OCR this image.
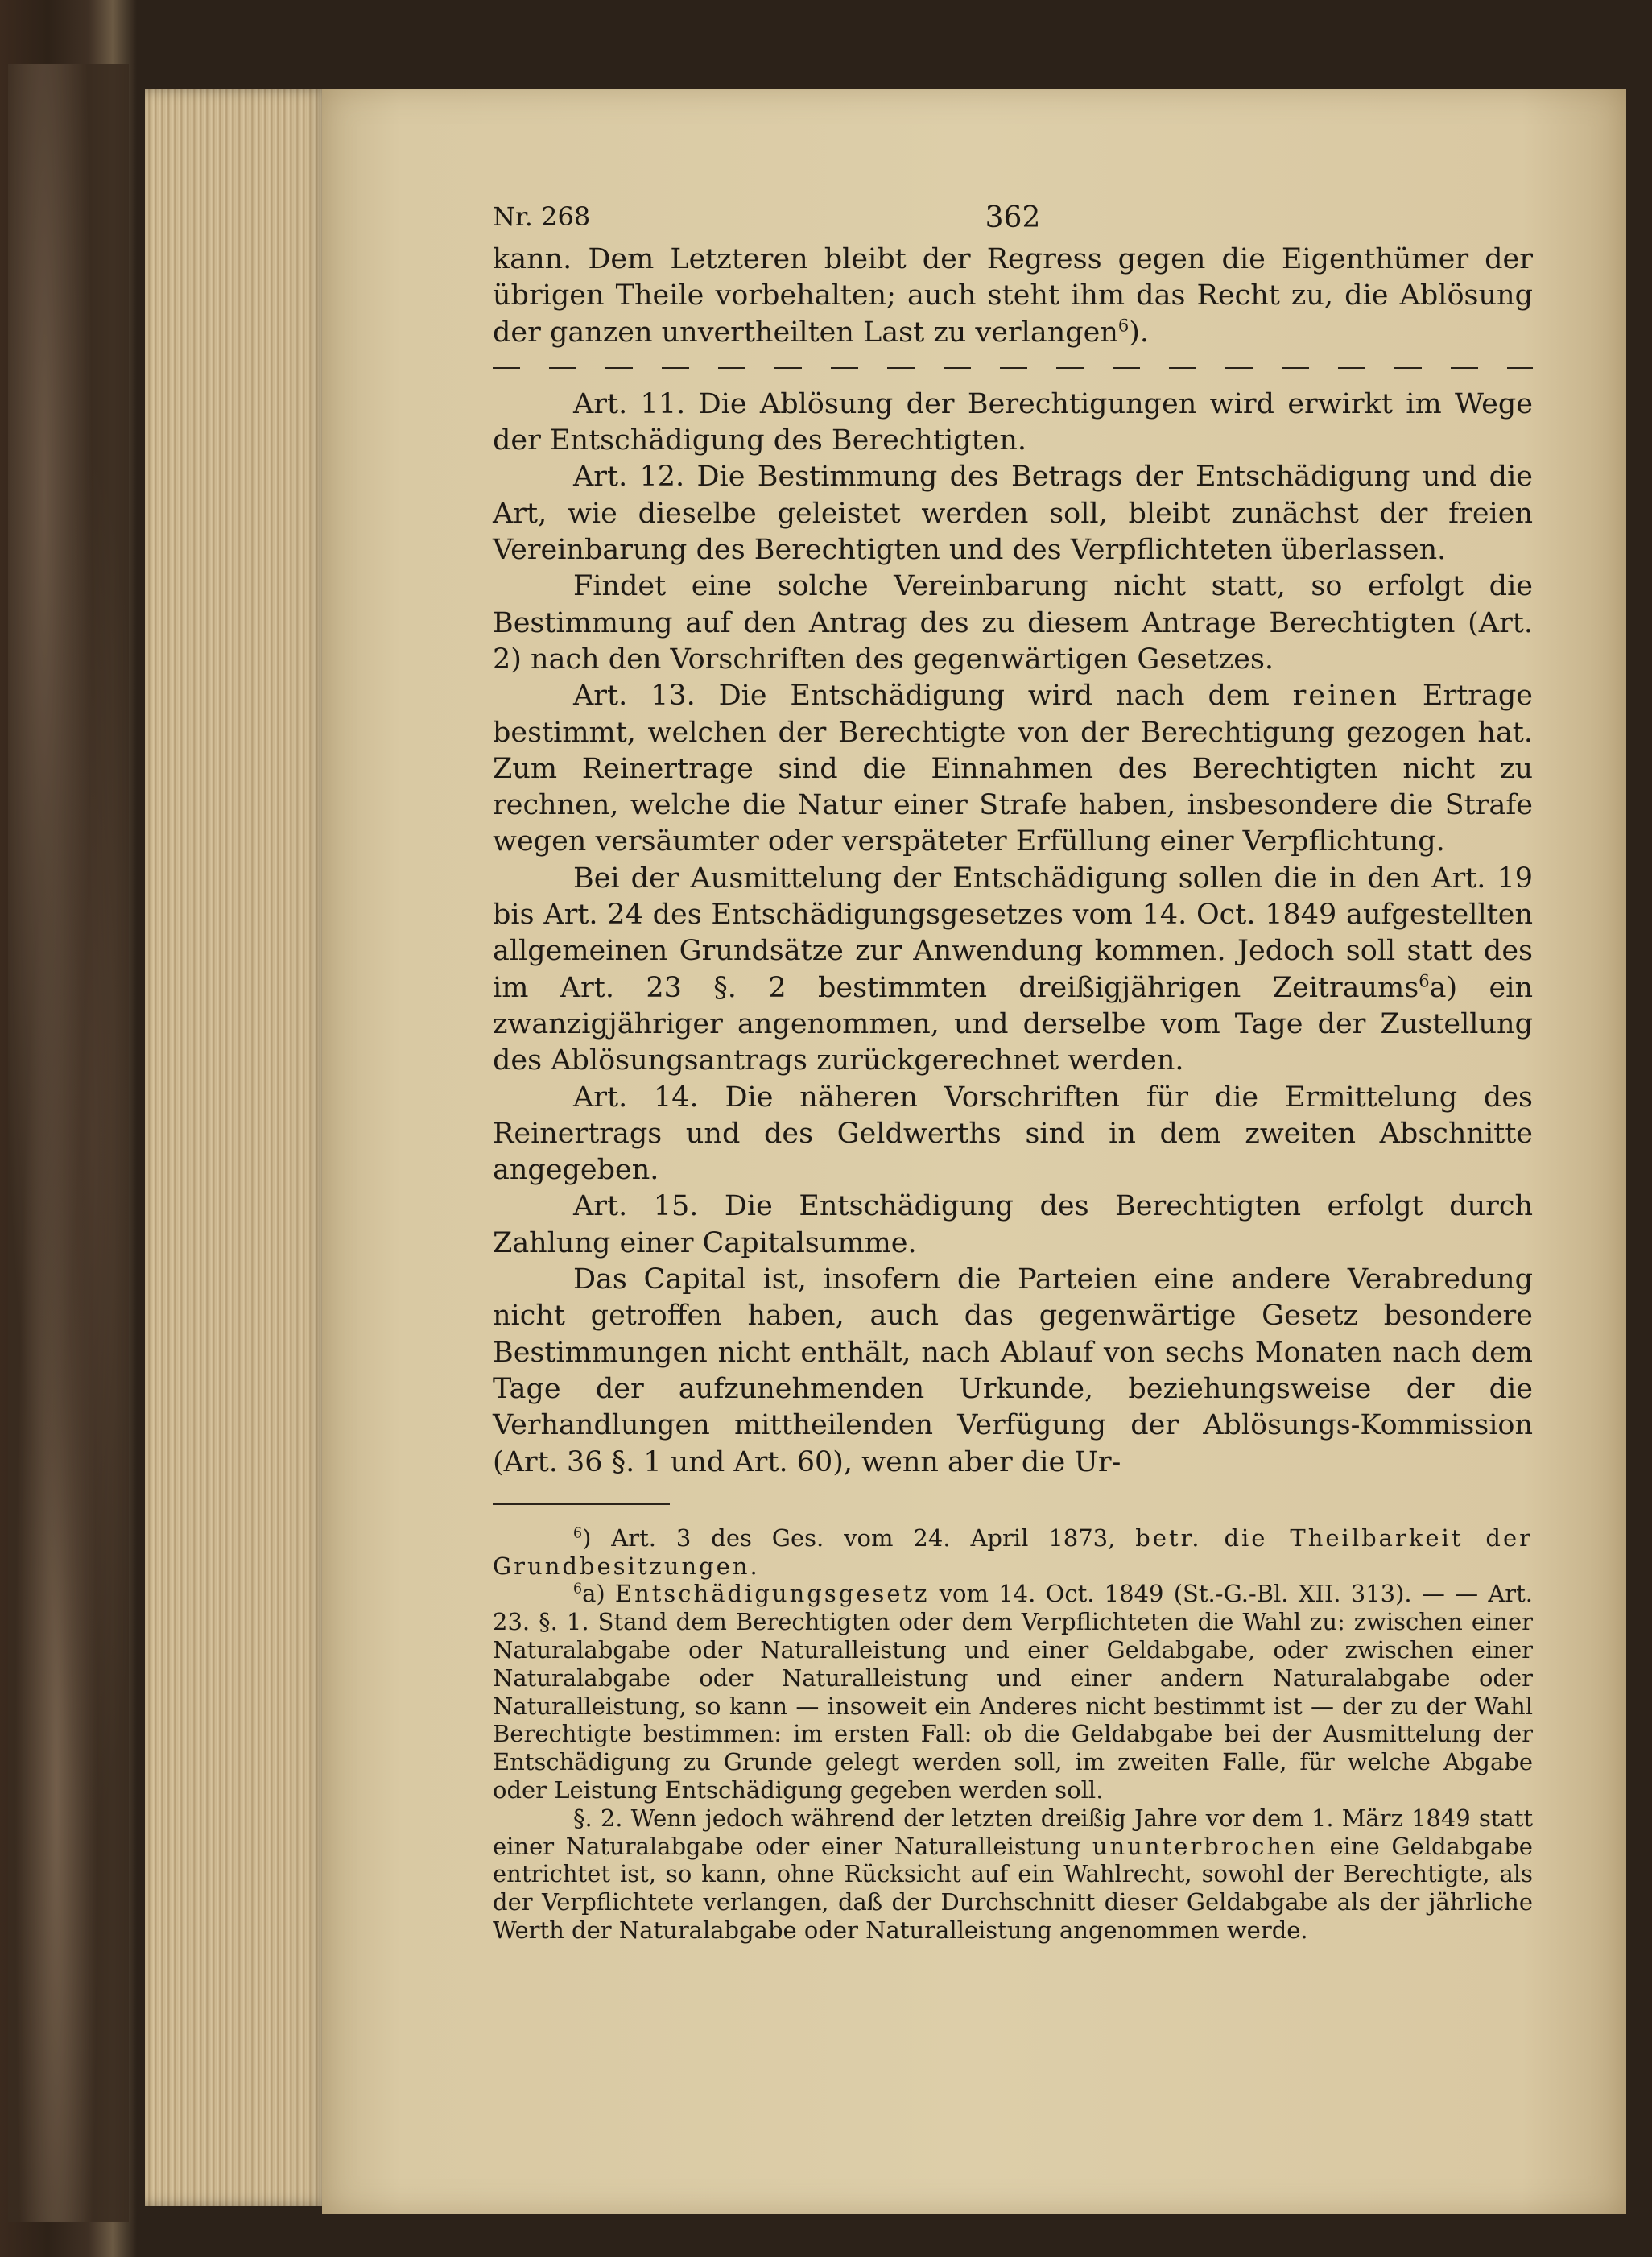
Nr. 268	362

kann. Dem Letzteren bleibt der Regress gegen die Eigenthümer der übrigen Theile vorbehalten; auch steht ihm das Recht zu, die Ablösung der ganzen unvertheilten Last zu verlangen$^6$).

Art. 11. Die Ablösung der Berechtigungen wird erwirkt im Wege der Entschädigung des Berechtigten.

Art. 12. Die Bestimmung des Betrags der Entschädigung und die Art, wie dieselbe geleistet werden soll, bleibt zunächst der freien Vereinbarung des Berechtigten und des Verpflichteten überlassen.

Findet eine solche Vereinbarung nicht statt, so erfolgt die Bestimmung auf den Antrag des zu diesem Antrage Berechtigten (Art. 2) nach den Vorschriften des gegenwärtigen Gesetzes.

Art. 13. Die Entschädigung wird nach dem reinen Ertrage bestimmt, welchen der Berechtigte von der Berechtigung gezogen hat. Zum Reinertrage sind die Einnahmen des Berechtigten nicht zu rechnen, welche die Natur einer Strafe haben, insbesondere die Strafe wegen versäumter oder verspäteter Erfüllung einer Verpflichtung.

Bei der Ausmittelung der Entschädigung sollen die in den Art. 19 bis Art. 24 des Entschädigungsgesetzes vom 14. Oct. 1849 aufgestellten allgemeinen Grundsätze zur Anwendung kommen. Jedoch soll statt des im Art. 23 §. 2 bestimmten dreißigjährigen Zeitraums$^6$a) ein zwanzigjähriger angenommen, und derselbe vom Tage der Zustellung des Ablösungsantrags zurückgerechnet werden.

Art. 14. Die näheren Vorschriften für die Ermittelung des Reinertrags und des Geldwerths sind in dem zweiten Abschnitte angegeben.

Art. 15. Die Entschädigung des Berechtigten erfolgt durch Zahlung einer Capitalsumme.

Das Capital ist, insofern die Parteien eine andere Verabredung nicht getroffen haben, auch das gegenwärtige Gesetz besondere Bestimmungen nicht enthält, nach Ablauf von sechs Monaten nach dem Tage der aufzunehmenden Urkunde, beziehungsweise der die Verhandlungen mittheilenden Verfügung der Ablösungs-Kommission (Art. 36 §. 1 und Art. 60), wenn aber die Ur-

$^6$) Art. 3 des Ges. vom 24. April 1873, betr. die Theilbarkeit der Grundbesitzungen.

$^6$a) Entschädigungsgesetz vom 14. Oct. 1849 (St.-G.-Bl. XII. 313). — — Art. 23. §. 1. Stand dem Berechtigten oder dem Verpflichteten die Wahl zu: zwischen einer Naturalabgabe oder Naturalleistung und einer Geldabgabe, oder zwischen einer Naturalabgabe oder Naturalleistung und einer andern Naturalabgabe oder Naturalleistung, so kann — insoweit ein Anderes nicht bestimmt ist — der zu der Wahl Berechtigte bestimmen: im ersten Fall: ob die Geldabgabe bei der Ausmittelung der Entschädigung zu Grunde gelegt werden soll, im zweiten Falle, für welche Abgabe oder Leistung Entschädigung gegeben werden soll.

§. 2. Wenn jedoch während der letzten dreißig Jahre vor dem 1. März 1849 statt einer Naturalabgabe oder einer Naturalleistung ununterbrochen eine Geldabgabe entrichtet ist, so kann, ohne Rücksicht auf ein Wahlrecht, sowohl der Berechtigte, als der Verpflichtete verlangen, daß der Durchschnitt dieser Geldabgabe als der jährliche Werth der Naturalabgabe oder Naturalleistung angenommen werde.
